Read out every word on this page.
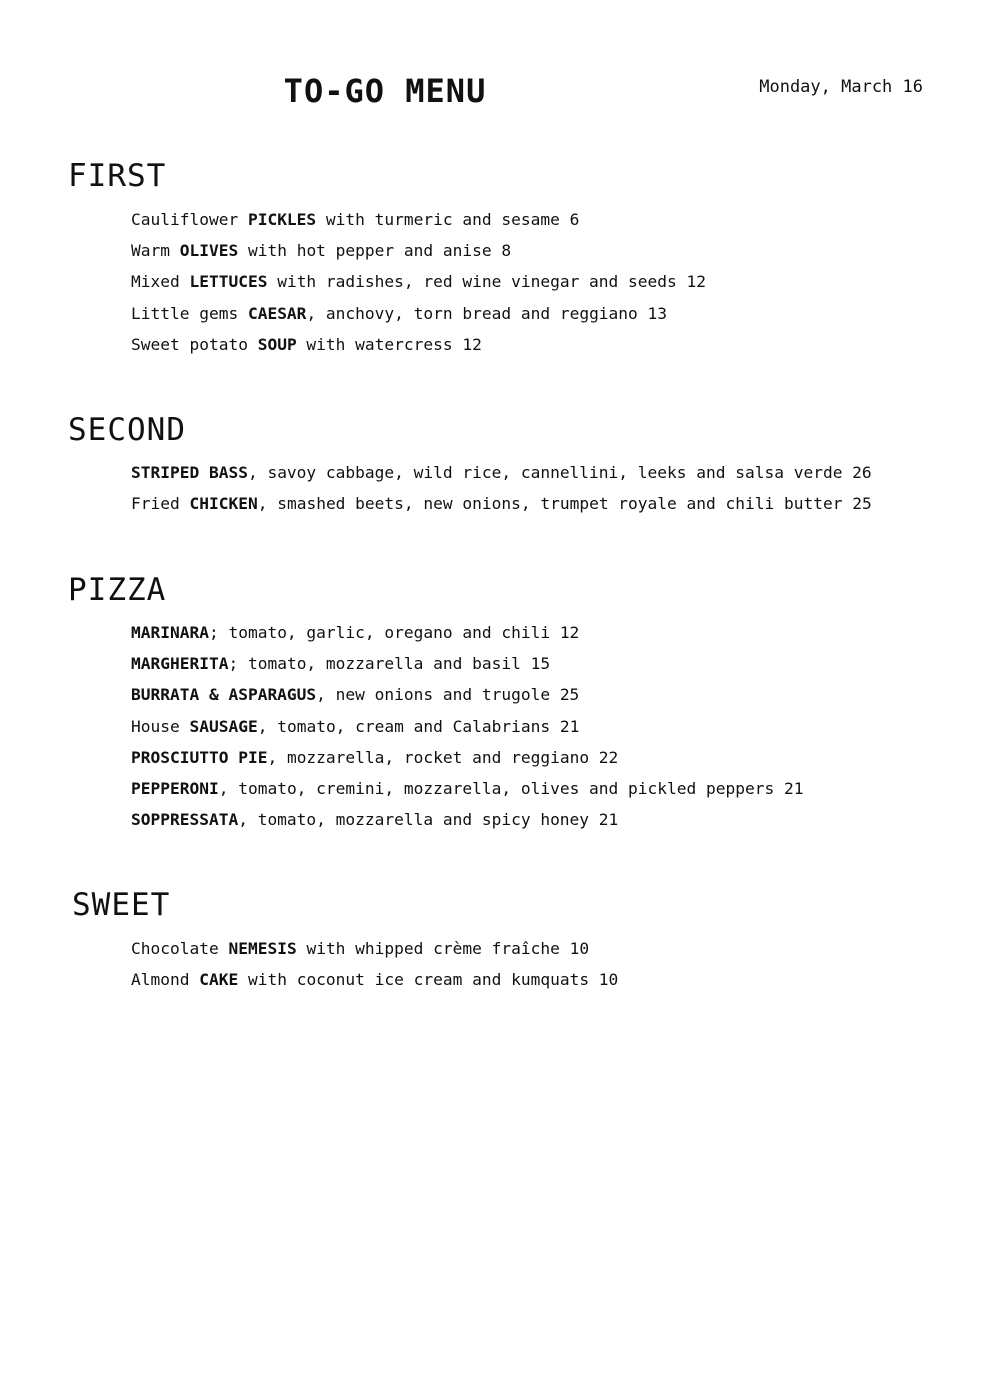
TO-GO MENU	Monday, March 16
FIRST
Cauliflower PICKLES with turmeric and sesame 6
Warm OLIVES with hot pepper and anise 8
Mixed LETTUCES with radishes, red wine vinegar and seeds 12
Little gems CAESAR, anchovy, torn bread and reggiano 13
Sweet potato SOUP with watercress 12
SECOND
STRIPED BASS, savoy cabbage, wild rice, cannellini, leeks and salsa verde 26
Fried CHICKEN, smashed beets, new onions, trumpet royale and chili butter 25
PIZZA
MARINARA; tomato, garlic, oregano and chili 12
MARGHERITA; tomato, mozzarella and basil 15
BURRATA & ASPARAGUS, new onions and trugole 25
House SAUSAGE, tomato, cream and Calabrians 21
PROSCIUTTO PIE, mozzarella, rocket and reggiano 22
PEPPERONI, tomato, cremini, mozzarella, olives and pickled peppers 21
SOPPRESSATA, tomato, mozzarella and spicy honey 21
SWEET
Chocolate NEMESIS with whipped crème fraîche 10
Almond CAKE with coconut ice cream and kumquats 10
